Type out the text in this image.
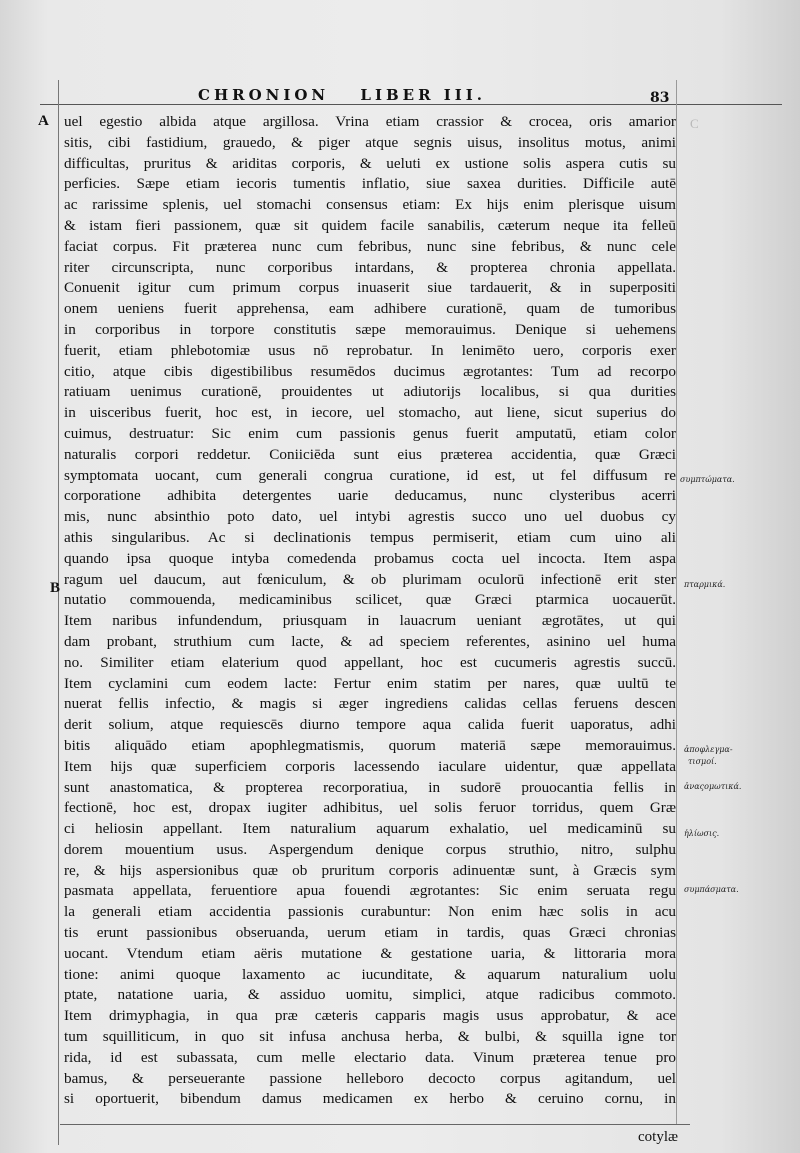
C
CHRONION LIBER III.	83
A
B
uel egestio albida atque argillosa. Vrina etiam crassior & crocea, oris amarior
sitis, cibi fastidium, grauedo, & piger atque segnis uisus, insolitus motus, animi
difficultas, pruritus & ariditas corporis, & ueluti ex ustione solis aspera cutis su
perficies. Sæpe etiam iecoris tumentis inflatio, siue saxea durities. Difficile autē
ac rarissime splenis, uel stomachi consensus etiam: Ex hijs enim plerisque uisum
& istam fieri passionem, quæ sit quidem facile sanabilis, cæterum neque ita felleū
faciat corpus. Fit præterea nunc cum febribus, nunc sine febribus, & nunc cele
riter circunscripta, nunc corporibus intardans, & propterea chronia appellata.
Conuenit igitur cum primum corpus inuaserit siue tardauerit, & in superpositi
onem ueniens fuerit apprehensa, eam adhibere curationē, quam de tumoribus
in corporibus in torpore constitutis sæpe memorauimus. Denique si uehemens
fuerit, etiam phlebotomiæ usus nō reprobatur. In lenimēto uero, corporis exer
citio, atque cibis digestibilibus resumēdos ducimus ægrotantes: Tum ad recorpo
ratiuam uenimus curationē, prouidentes ut adiutorijs localibus, si qua durities
in uisceribus fuerit, hoc est, in iecore, uel stomacho, aut liene, sicut superius do
cuimus, destruatur: Sic enim cum passionis genus fuerit amputatū, etiam color
naturalis corpori reddetur. Coniiciēda sunt eius præterea accidentia, quæ Græci
symptomata uocant, cum generali congrua curatione, id est, ut fel diffusum re
corporatione adhibita detergentes uarie deducamus, nunc clysteribus acerri
mis, nunc absinthio poto dato, uel intybi agrestis succo uno uel duobus cy
athis singularibus. Ac si declinationis tempus permiserit, etiam cum uino ali
quando ipsa quoque intyba comedenda probamus cocta uel incocta. Item aspa
ragum uel daucum, aut fœniculum, & ob plurimam oculorū infectionē erit ster
nutatio commouenda, medicaminibus scilicet, quæ Græci ptarmica uocauerūt.
Item naribus infundendum, priusquam in lauacrum ueniant ægrotātes, ut qui
dam probant, struthium cum lacte, & ad speciem referentes, asinino uel huma
no. Similiter etiam elaterium quod appellant, hoc est cucumeris agrestis succū.
Item cyclamini cum eodem lacte: Fertur enim statim per nares, quæ uultū te
nuerat fellis infectio, & magis si æger ingrediens calidas cellas feruens descen
derit solium, atque requiescēs diurno tempore aqua calida fuerit uaporatus, adhi
bitis aliquādo etiam apophlegmatismis, quorum materiā sæpe memorauimus.
Item hijs quæ superficiem corporis lacessendo iaculare uidentur, quæ appellata
sunt anastomatica, & propterea recorporatiua, in sudorē prouocantia fellis in
fectionē, hoc est, dropax iugiter adhibitus, uel solis feruor torridus, quem Græ
ci heliosin appellant. Item naturalium aquarum exhalatio, uel medicaminū su
dorem mouentium usus. Aspergendum denique corpus struthio, nitro, sulphu
re, & hijs aspersionibus quæ ob pruritum corporis adinuentæ sunt, à Græcis sym
pasmata appellata, feruentiore apua fouendi ægrotantes: Sic enim seruata regu
la generali etiam accidentia passionis curabuntur: Non enim hæc solis in acu
tis erunt passionibus obseruanda, uerum etiam in tardis, quas Græci chronias
uocant. Vtendum etiam aëris mutatione & gestatione uaria, & littoraria mora
tione: animi quoque laxamento ac iucunditate, & aquarum naturalium uolu
ptate, natatione uaria, & assiduo uomitu, simplici, atque radicibus commoto.
Item drimyphagia, in qua præ cæteris capparis magis usus approbatur, & ace
tum squilliticum, in quo sit infusa anchusa herba, & bulbi, & squilla igne tor
rida, id est subassata, cum melle electario data. Vinum præterea tenue pro
bamus, & perseuerante passione helleboro decocto corpus agitandum, uel
si oportuerit, bibendum damus medicamen ex herbo & ceruino cornu, in
συμπτώματα.
πταρμικά.
ἀποφλεγμα-
τισμοί.
ἀναςομωτικά.
ἡλίωσις.
συμπάσματα.
cotylæ
